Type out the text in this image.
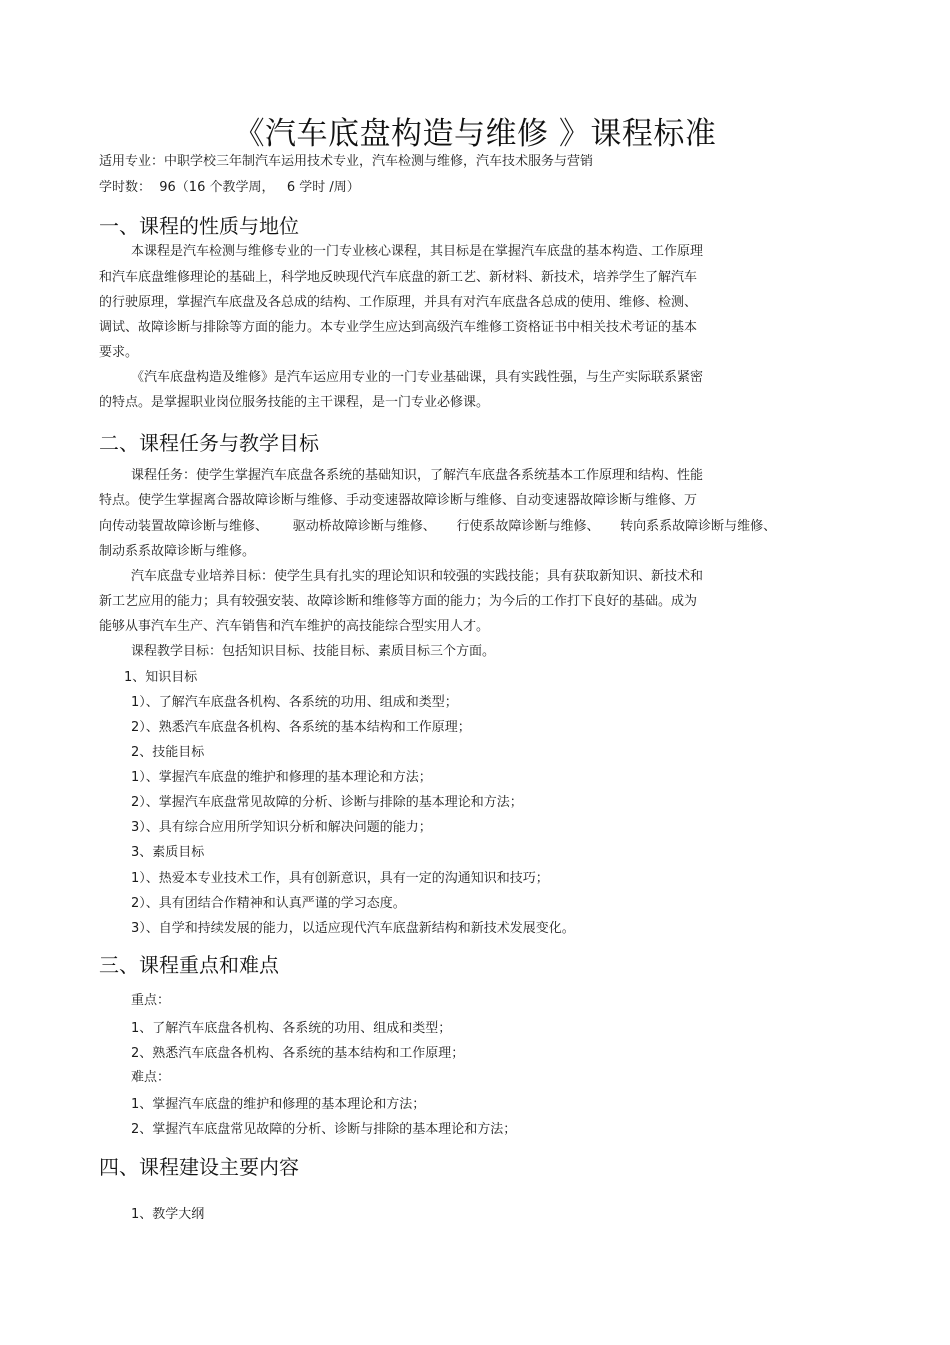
《汽车底盘构造与维修 》课程标准

适用专业：中职学校三年制汽车运用技术专业，汽车检测与维修，汽车技术服务与营销

学时数：  96（16 个教学周，   6 学时 /周）

一、课程的性质与地位

本课程是汽车检测与维修专业的一门专业核心课程，其目标是在掌握汽车底盘的基本构造、工作原理

和汽车底盘维修理论的基础上，科学地反映现代汽车底盘的新工艺、新材料、新技术，培养学生了解汽车

的行驶原理，掌握汽车底盘及各总成的结构、工作原理，并具有对汽车底盘各总成的使用、维修、检测、

调试、故障诊断与排除等方面的能力。本专业学生应达到高级汽车维修工资格证书中相关技术考证的基本

要求。

《汽车底盘构造及维修》是汽车运应用专业的一门专业基础课，具有实践性强，与生产实际联系紧密

的特点。是掌握职业岗位服务技能的主干课程，是一门专业必修课。

二、课程任务与教学目标

课程任务：使学生掌握汽车底盘各系统的基础知识，了解汽车底盘各系统基本工作原理和结构、性能

特点。使学生掌握离合器故障诊断与维修、手动变速器故障诊断与维修、自动变速器故障诊断与维修、万

向传动装置故障诊断与维修、      驱动桥故障诊断与维修、     行使系故障诊断与维修、     转向系系故障诊断与维修、

制动系系故障诊断与维修。

汽车底盘专业培养目标：使学生具有扎实的理论知识和较强的实践技能；具有获取新知识、新技术和

新工艺应用的能力；具有较强安装、故障诊断和维修等方面的能力；为今后的工作打下良好的基础。成为

能够从事汽车生产、汽车销售和汽车维护的高技能综合型实用人才。

课程教学目标：包括知识目标、技能目标、素质目标三个方面。

1、知识目标

1）、了解汽车底盘各机构、各系统的功用、组成和类型；

2）、熟悉汽车底盘各机构、各系统的基本结构和工作原理；

2、技能目标

1）、掌握汽车底盘的维护和修理的基本理论和方法；

2）、掌握汽车底盘常见故障的分析、诊断与排除的基本理论和方法；

3）、具有综合应用所学知识分析和解决问题的能力；

3、素质目标

1）、热爱本专业技术工作，具有创新意识，具有一定的沟通知识和技巧；

2）、具有团结合作精神和认真严谨的学习态度。

3）、自学和持续发展的能力，以适应现代汽车底盘新结构和新技术发展变化。

三、课程重点和难点

重点：

1、了解汽车底盘各机构、各系统的功用、组成和类型；

2、熟悉汽车底盘各机构、各系统的基本结构和工作原理；

难点：

1、掌握汽车底盘的维护和修理的基本理论和方法；

2、掌握汽车底盘常见故障的分析、诊断与排除的基本理论和方法；

四、课程建设主要内容

1、教学大纲
